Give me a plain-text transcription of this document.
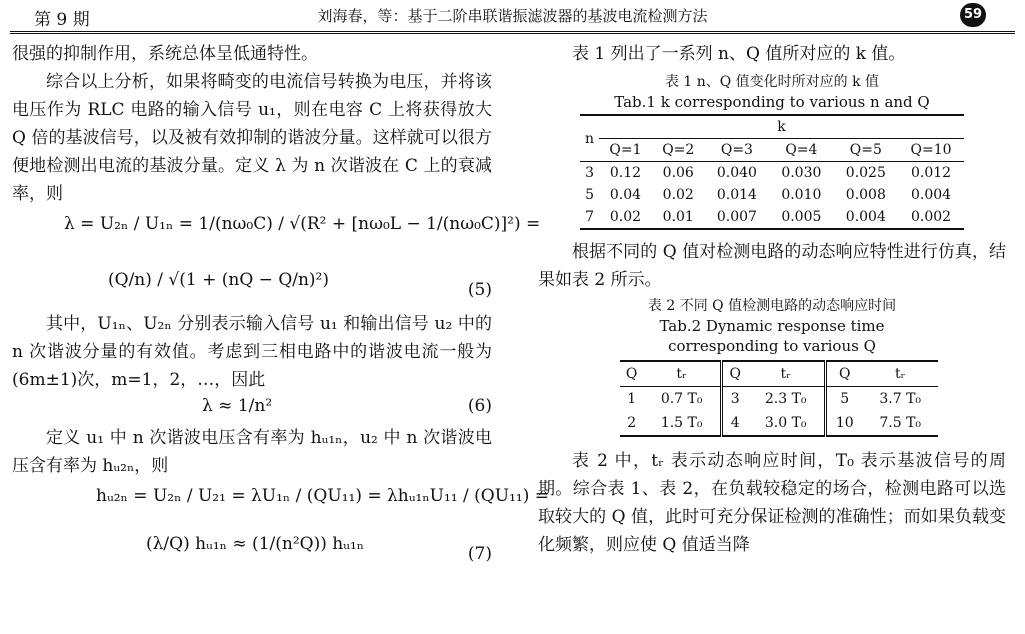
第 9 期	刘海春，等：基于二阶串联谐振滤波器的基波电流检测方法	59

很强的抑制作用，系统总体呈低通特性。

综合以上分析，如果将畸变的电流信号转换为电压，并将该电压作为 RLC 电路的输入信号 u₁，则在电容 C 上将获得放大 Q 倍的基波信号，以及被有效抑制的谐波分量。这样就可以很方便地检测出电流的基波分量。定义 λ 为 n 次谐波在 C 上的衰减率，则

λ = U₂ₙ / U₁ₙ = 1/(nω₀C) / √(R² + [nω₀L − 1/(nω₀C)]²) =
(Q/n) / √(1 + (nQ − Q/n)²)	(5)

其中，U₁ₙ、U₂ₙ 分别表示输入信号 u₁ 和输出信号 u₂ 中的 n 次谐波分量的有效值。考虑到三相电路中的谐波电流一般为(6m±1)次，m=1，2，…，因此

λ ≈ 1/n²	(6)

定义 u₁ 中 n 次谐波电压含有率为 hᵤ₁ₙ，u₂ 中 n 次谐波电压含有率为 hᵤ₂ₙ，则

hᵤ₂ₙ = U₂ₙ / U₂₁ = λU₁ₙ / (QU₁₁) = λhᵤ₁ₙU₁₁ / (QU₁₁) =
(λ/Q) hᵤ₁ₙ ≈ (1/(n²Q)) hᵤ₁ₙ	(7)

表 1 列出了一系列 n、Q 值所对应的 k 值。

表 1 n、Q 值变化时所对应的 k 值
Tab.1 k corresponding to various n and Q
n	k					
	Q=1	Q=2	Q=3	Q=4	Q=5	Q=10
3	0.12	0.06	0.040	0.030	0.025	0.012
5	0.04	0.02	0.014	0.010	0.008	0.004
7	0.02	0.01	0.007	0.005	0.004	0.002

根据不同的 Q 值对检测电路的动态响应特性进行仿真，结果如表 2 所示。

表 2 不同 Q 值检测电路的动态响应时间
Tab.2 Dynamic response time
corresponding to various Q
Q	tᵣ	Q	tᵣ	Q	tᵣ
1	0.7 T₀	3	2.3 T₀	5	3.7 T₀
2	1.5 T₀	4	3.0 T₀	10	7.5 T₀

表 2 中，tᵣ 表示动态响应时间，T₀ 表示基波信号的周期。综合表 1、表 2，在负载较稳定的场合，检测电路可以选取较大的 Q 值，此时可充分保证检测的准确性；而如果负载变化频繁，则应使 Q 值适当降
